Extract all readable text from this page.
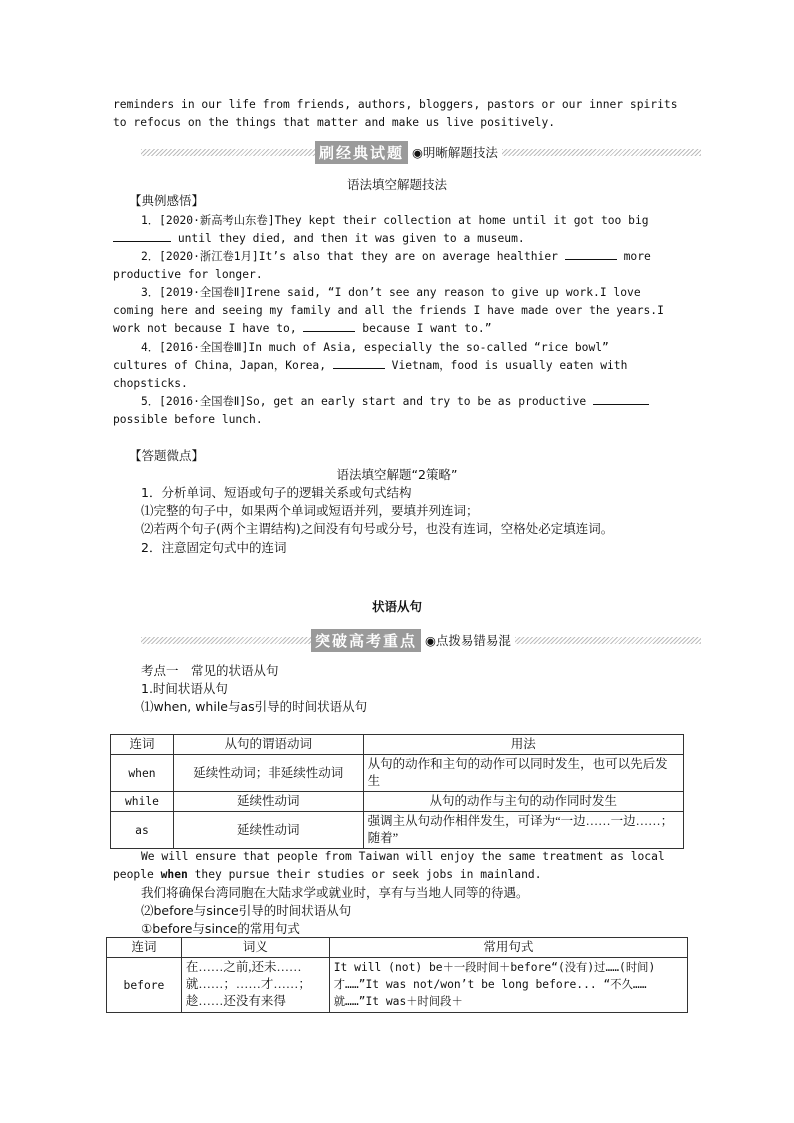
reminders in our life from friends, authors, bloggers, pastors or our inner spirits
to refocus on the things that matter and make us live positively.
刷经典试题 ◉明晰解题技法
语法填空解题技法
【典例感悟】
1．[2020·新高考山东卷]They kept their collection at home until it got too big
until they died, and then it was given to a museum.
2．[2020·浙江卷1月]It’s also that they are on average healthier	more
productive for longer.
3．[2019·全国卷Ⅱ]Irene said, “I don’t see any reason to give up work.I love
coming here and seeing my family and all the friends I have made over the years.I
work not because I have to,	because I want to.”
4．[2016·全国卷Ⅲ]In much of Asia, especially the so-called “rice bowl”
cultures of China，Japan，Korea,	Vietnam，food is usually eaten with
chopsticks.
5．[2016·全国卷Ⅱ]So, get an early start and try to be as productive
possible before lunch.
【答题微点】
语法填空解题“2策略”
1．分析单词、短语或句子的逻辑关系或句式结构
⑴完整的句子中，如果两个单词或短语并列，要填并列连词；
⑵若两个句子(两个主谓结构)之间没有句号或分号，也没有连词，空格处必定填连词。
2．注意固定句式中的连词
状语从句
突破高考重点 ◉点拨易错易混
考点一　常见的状语从句
1.时间状语从句
⑴when, while与as引导的时间状语从句
连词	从句的谓语动词	用法
when	延续性动词；非延续性动词	从句的动作和主句的动作可以同时发生，也可以先后发生
while	延续性动词	从句的动作与主句的动作同时发生
as	延续性动词	强调主从句动作相伴发生，可译为“一边……一边……；随着”
We will ensure that people from Taiwan will enjoy the same treatment as local
people when they pursue their studies or seek jobs in mainland.
我们将确保台湾同胞在大陆求学或就业时，享有与当地人同等的待遇。
⑵before与since引导的时间状语从句
①before与since的常用句式
连词	词义	常用句式
before	在……之前,还未……就……；……才……；趁……还没有来得	It will (not) be＋一段时间＋before“(没有)过……(时间)才……”It was not/won’t be long before... “不久……就……”It was＋时间段＋
